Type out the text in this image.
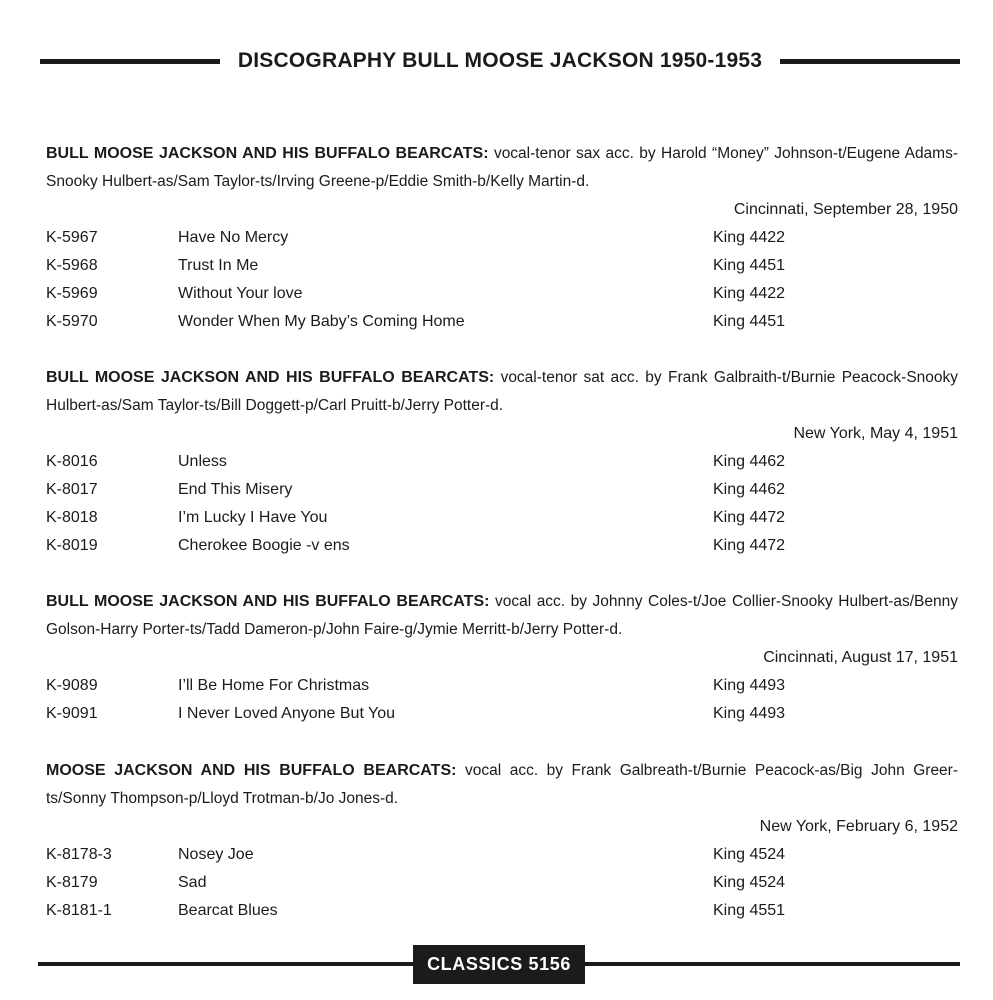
DISCOGRAPHY BULL MOOSE JACKSON 1950-1953
BULL MOOSE JACKSON AND HIS BUFFALO BEARCATS: vocal-tenor sax acc. by Harold “Money” Johnson-t/Eugene Adams-Snooky Hulbert-as/Sam Taylor-ts/Irving Greene-p/Eddie Smith-b/Kelly Martin-d.
Cincinnati, September 28, 1950
K-5967	Have No Mercy	King 4422
K-5968	Trust In Me	King 4451
K-5969	Without Your love	King 4422
K-5970	Wonder When My Baby’s Coming Home	King 4451
BULL MOOSE JACKSON AND HIS BUFFALO BEARCATS: vocal-tenor sat acc. by Frank Galbraith-t/Burnie Peacock-Snooky Hulbert-as/Sam Taylor-ts/Bill Doggett-p/Carl Pruitt-b/Jerry Potter-d.
New York, May 4, 1951
K-8016	Unless	King 4462
K-8017	End This Misery	King 4462
K-8018	I’m Lucky I Have You	King 4472
K-8019	Cherokee Boogie -v ens	King 4472
BULL MOOSE JACKSON AND HIS BUFFALO BEARCATS: vocal acc. by Johnny Coles-t/Joe Collier-Snooky Hulbert-as/Benny Golson-Harry Porter-ts/Tadd Dameron-p/John Faire-g/Jymie Merritt-b/Jerry Potter-d.
Cincinnati, August 17, 1951
K-9089	I’ll Be Home For Christmas	King 4493
K-9091	I Never Loved Anyone But You	King 4493
MOOSE JACKSON AND HIS BUFFALO BEARCATS: vocal acc. by Frank Galbreath-t/Burnie Peacock-as/Big John Greer-ts/Sonny Thompson-p/Lloyd Trotman-b/Jo Jones-d.
New York, February 6, 1952
K-8178-3	Nosey Joe	King 4524
K-8179	Sad	King 4524
K-8181-1	Bearcat Blues	King 4551
CLASSICS 5156
